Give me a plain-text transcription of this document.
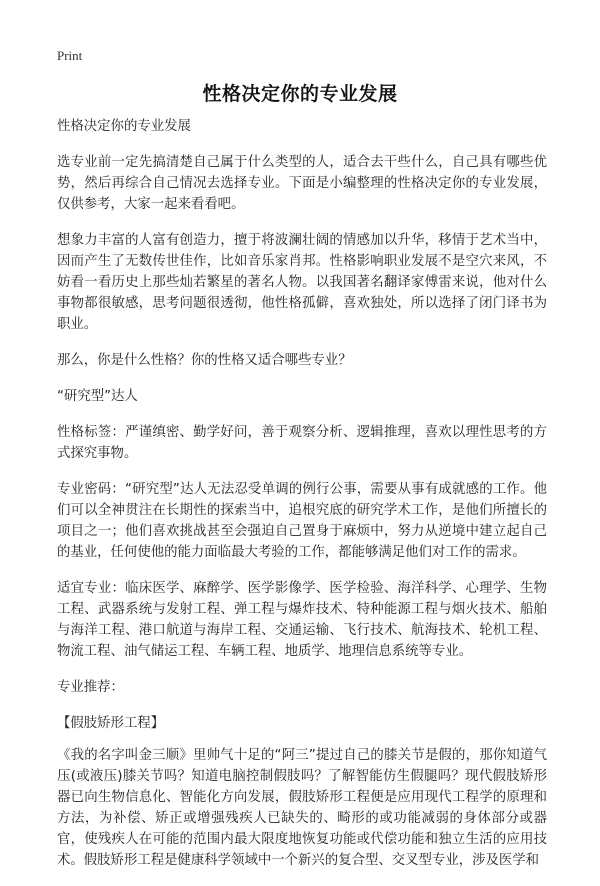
Print
性格决定你的专业发展

性格决定你的专业发展

选专业前一定先搞清楚自己属于什么类型的人，适合去干些什么，自己具有哪些优势，然后再综合自己情况去选择专业。下面是小编整理的性格决定你的专业发展，仅供参考，大家一起来看看吧。

想象力丰富的人富有创造力，擅于将波澜壮阔的情感加以升华，移情于艺术当中，因而产生了无数传世佳作，比如音乐家肖邦。性格影响职业发展不是空穴来风，不妨看一看历史上那些灿若繁星的著名人物。以我国著名翻译家傅雷来说，他对什么事物都很敏感，思考问题很透彻，他性格孤僻，喜欢独处，所以选择了闭门译书为职业。

那么，你是什么性格？你的性格又适合哪些专业？

“研究型”达人

性格标签：严谨缜密、勤学好问，善于观察分析、逻辑推理，喜欢以理性思考的方式探究事物。

专业密码：“研究型”达人无法忍受单调的例行公事，需要从事有成就感的工作。他们可以全神贯注在长期性的探索当中，追根究底的研究学术工作，是他们所擅长的项目之一；他们喜欢挑战甚至会强迫自己置身于麻烦中，努力从逆境中建立起自己的基业，任何使他的能力面临最大考验的工作，都能够满足他们对工作的需求。

适宜专业：临床医学、麻醉学、医学影像学、医学检验、海洋科学、心理学、生物工程、武器系统与发射工程、弹工程与爆炸技术、特种能源工程与烟火技术、船舶与海洋工程、港口航道与海岸工程、交通运输、飞行技术、航海技术、轮机工程、物流工程、油气储运工程、车辆工程、地质学、地理信息系统等专业。

专业推荐：

【假肢矫形工程】

《我的名字叫金三顺》里帅气十足的“阿三”提过自己的膝关节是假的，那你知道气压(或液压)膝关节吗？知道电脑控制假肢吗？了解智能仿生假腿吗？现代假肢矫形器已向生物信息化、智能化方向发展，假肢矫形工程便是应用现代工程学的原理和方法，为补偿、矫正或增强残疾人已缺失的、畸形的或功能减弱的身体部分或器官，使残疾人在可能的范围内最大限度地恢复功能或代偿功能和独立生活的应用技术。假肢矫形工程是健康科学领域中一个新兴的复合型、交叉型专业，涉及医学和
